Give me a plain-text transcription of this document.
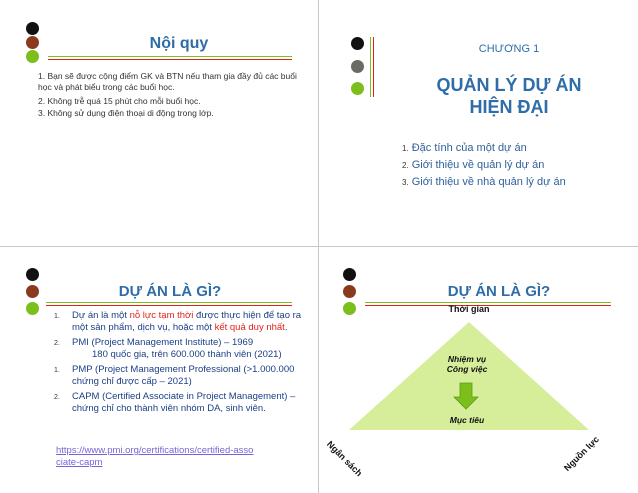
Nội quy
1. Bạn sẽ được cộng điểm GK và BTN nếu tham gia đầy đủ các buổi học và phát biểu trong các buổi học.
2. Không trễ quá 15 phút cho mỗi buổi học.
3. Không sử dụng điện thoại di động trong lớp.
CHƯƠNG 1
QUẢN LÝ DỰ ÁN
HIỆN ĐẠI
1. Đặc tính của một dự án
2. Giới thiệu về quản lý dự án
3. Giới thiệu về nhà quản lý dự án
DỰ ÁN LÀ GÌ?
1. Dự án là một nỗ lực tạm thời được thực hiện để tạo ra một sản phẩm, dịch vụ, hoặc một kết quả duy nhất.
2. PMI (Project Management Institute) – 1969
180 quốc gia, trên 600.000 thành viên (2021)
1. PMP (Project Management Professional (>1.000.000 chứng chỉ được cấp – 2021)
2. CAPM (Certified Associate in Project Management) – chứng chỉ cho thành viên nhóm DA, sinh viên.
https://www.pmi.org/certifications/certified-associate-capm
DỰ ÁN LÀ GÌ?
Thời gian
Nhiệm vụ
Công việc
Mục tiêu
Ngân sách	Nguồn lực
